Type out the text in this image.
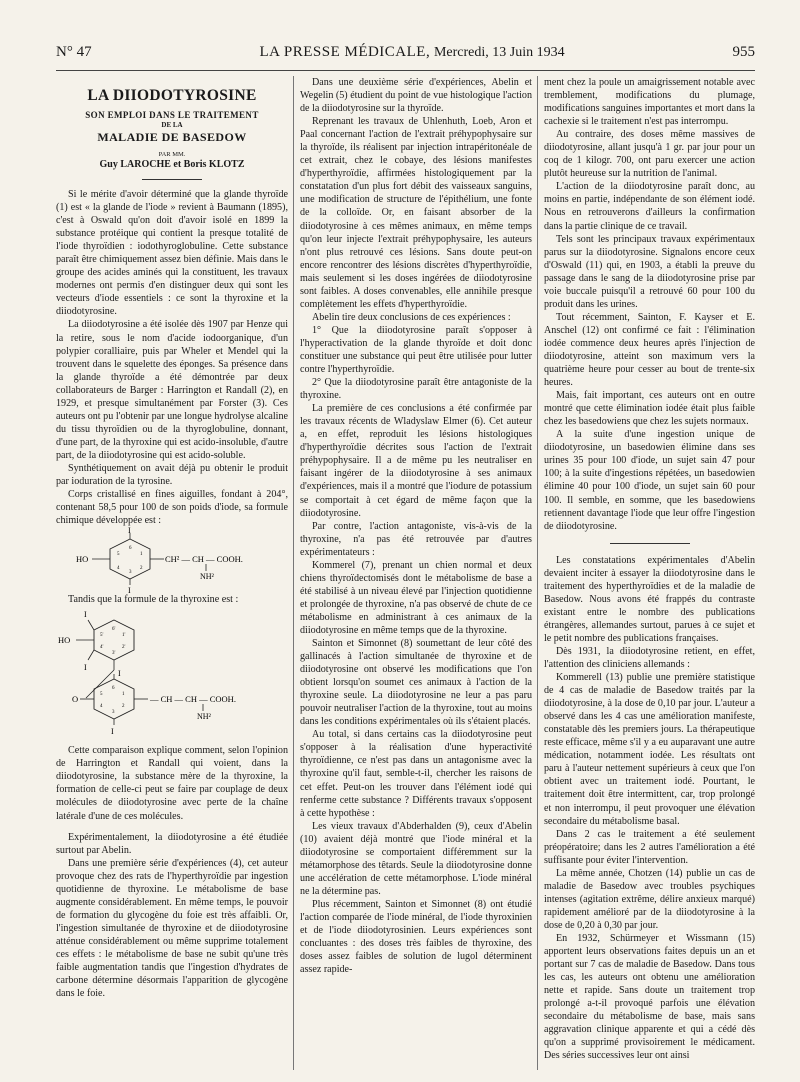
N° 47	LA PRESSE MÉDICALE, Mercredi, 13 Juin 1934	955
LA DIIODOTYROSINE
SON EMPLOI DANS LE TRAITEMENT
DE LA
MALADIE DE BASEDOW
PAR MM.
Guy LAROCHE et Boris KLOTZ

Si le mérite d'avoir déterminé que la glande thyroïde (1) est « la glande de l'iode » revient à Baumann (1895), c'est à Oswald qu'on doit d'avoir isolé en 1899 la substance protéique qui contient la presque totalité de l'iode thyroïdien : iodothyroglobuline. Cette substance paraît être chimiquement assez bien définie. Mais dans le groupe des acides aminés qui la constituent, les travaux modernes ont permis d'en distinguer deux qui sont les vecteurs d'iode essentiels : ce sont la thyroxine et la diiodotyrosine.

La diiodotyrosine a été isolée dès 1907 par Henze qui la retire, sous le nom d'acide iodoorganique, d'un polypier coralliaire, puis par Wheler et Mendel qui la trouvent dans le squelette des éponges. Sa présence dans la glande thyroïde a été démontrée par deux collaborateurs de Barger : Harrington et Randall (2), en 1929, et presque simultanément par Forster (3). Ces auteurs ont pu l'obtenir par une longue hydrolyse alcaline du tissu thyroïdien ou de la thyroglobuline, donnant, d'une part, de la thyroxine qui est acido-insoluble, d'autre part, de la diiodotyrosine qui est acido-soluble.

Synthétiquement on avait déjà pu obtenir le produit par ioduration de la tyrosine.

Corps cristallisé en fines aiguilles, fondant à 204°, contenant 58,5 pour 100 de son poids d'iode, sa formule chimique développée est :

I
I
HO	CH² — CH — COOH.
NH²
1
2
3
4
5
6

Tandis que la formule de la thyroxine est :

I
I
HO	1'
2'
3'
4'
5'
6'
O
I
I
— CH — CH — COOH.
NH²
1
2
3
4
5
6

Cette comparaison explique comment, selon l'opinion de Harrington et Randall qui voient, dans la diiodotyrosine, la substance mère de la thyroxine, la formation de celle-ci peut se faire par couplage de deux molécules de diiodotyrosine avec perte de la chaîne latérale d'une de ces molécules.

Expérimentalement, la diiodotyrosine a été étudiée surtout par Abelin.

Dans une première série d'expériences (4), cet auteur provoque chez des rats de l'hyperthyroïdie par ingestion quotidienne de thyroxine. Le métabolisme de base augmente considérablement. En même temps, le pouvoir de formation du glycogène du foie est très affaibli. Or, l'ingestion simultanée de thyroxine et de diiodotyrosine atténue considérablement ou même supprime totalement ces effets : le métabolisme de base ne subit qu'une très faible augmentation tandis que l'ingestion d'hydrates de carbone détermine désormais l'apparition de glycogène dans le foie.

Dans une deuxième série d'expériences, Abelin et Wegelin (5) étudient du point de vue histologique l'action de la diiodotyrosine sur la thyroïde.

Reprenant les travaux de Uhlenhuth, Loeb, Aron et Paal concernant l'action de l'extrait préhypophysaire sur la thyroïde, ils réalisent par injection intrapéritonéale de cet extrait, chez le cobaye, des lésions manifestes d'hyperthyroïdie, affirmées histologiquement par la constatation d'un plus fort débit des vaisseaux sanguins, une modification de structure de l'épithélium, une fonte de la colloïde. Or, en faisant absorber de la diiodotyrosine à ces mêmes animaux, en même temps qu'on leur injecte l'extrait préhypophysaire, les auteurs n'ont plus retrouvé ces lésions. Sans doute peut-on encore rencontrer des lésions discrètes d'hyperthyroïdie, mais seulement si les doses ingérées de diiodotyrosine sont faibles. A doses convenables, elle annihile presque complètement les effets d'hyperthyroïdie.

Abelin tire deux conclusions de ces expériences :

1° Que la diiodotyrosine paraît s'opposer à l'hyperactivation de la glande thyroïde et doit donc constituer une substance qui peut être utilisée pour lutter contre l'hyperthyroïdie.

2° Que la diiodotyrosine paraît être antagoniste de la thyroxine.

La première de ces conclusions a été confirmée par les travaux récents de Wladyslaw Elmer (6). Cet auteur a, en effet, reproduit les lésions histologiques d'hyperthyroïdie décrites sous l'action de l'extrait préhypophysaire. Il a de même pu les neutraliser en faisant ingérer de la diiodotyrosine à ses animaux d'expériences, mais il a montré que l'iodure de potassium se comportait à cet égard de même façon que la diiodotyrosine.

Par contre, l'action antagoniste, vis-à-vis de la thyroxine, n'a pas été retrouvée par d'autres expérimentateurs :

Kommerel (7), prenant un chien normal et deux chiens thyroïdectomisés dont le métabolisme de base a été stabilisé à un niveau élevé par l'injection quotidienne et prolongée de thyroxine, n'a pas observé de chute de ce métabolisme en administrant à ces animaux de la diiodotyrosine en même temps que de la thyroxine.

Sainton et Simonnet (8) soumettant de leur côté des gallinacés à l'action simultanée de thyroxine et de diiodotyrosine ont observé les modifications que l'on obtient lorsqu'on soumet ces animaux à l'action de la thyroxine seule. La diiodotyrosine ne leur a pas paru pouvoir neutraliser l'action de la thyroxine, tout au moins dans les conditions expérimentales où ils s'étaient placés.

Au total, si dans certains cas la diiodotyrosine peut s'opposer à la réalisation d'une hyperactivité thyroïdienne, ce n'est pas dans un antagonisme avec la thyroxine qu'il faut, semble-t-il, chercher les raisons de cet effet. Peut-on les trouver dans l'élément iodé qui renferme cette substance ? Différents travaux s'opposent à cette hypothèse :

Les vieux travaux d'Abderhalden (9), ceux d'Abelin (10) avaient déjà montré que l'iode minéral et la diiodotyrosine se comportaient différemment sur la métamorphose des têtards. Seule la diiodotyrosine donne une accélération de cette métamorphose. L'iode minéral ne la détermine pas.

Plus récemment, Sainton et Simonnet (8) ont étudié l'action comparée de l'iode minéral, de l'iode thyroxinien et de l'iode diiodotyrosinien. Leurs expériences sont concluantes : des doses très faibles de thyroxine, des doses assez faibles de solution de lugol déterminent assez rapide-

ment chez la poule un amaigrissement notable avec tremblement, modifications du plumage, modifications sanguines importantes et mort dans la cachexie si le traitement n'est pas interrompu.

Au contraire, des doses même massives de diiodotyrosine, allant jusqu'à 1 gr. par jour pour un coq de 1 kilogr. 700, ont paru exercer une action plutôt heureuse sur la nutrition de l'animal.

L'action de la diiodotyrosine paraît donc, au moins en partie, indépendante de son élément iodé. Nous en retrouverons d'ailleurs la confirmation dans la partie clinique de ce travail.

Tels sont les principaux travaux expérimentaux parus sur la diiodotyrosine. Signalons encore ceux d'Oswald (11) qui, en 1903, a établi la preuve du passage dans le sang de la diiodotyrosine prise par voie buccale puisqu'il a retrouvé 60 pour 100 du produit dans les urines.

Tout récemment, Sainton, F. Kayser et E. Anschel (12) ont confirmé ce fait : l'élimination iodée commence deux heures après l'injection de diiodotyrosine, atteint son maximum vers la quatrième heure pour cesser au bout de trente-six heures.

Mais, fait important, ces auteurs ont en outre montré que cette élimination iodée était plus faible chez les basedowiens que chez les sujets normaux.

A la suite d'une ingestion unique de diiodotyrosine, un basedowien élimine dans ses urines 35 pour 100 d'iode, un sujet sain 47 pour 100; à la suite d'ingestions répétées, un basedowien élimine 40 pour 100 d'iode, un sujet sain 60 pour 100. Il semble, en somme, que les basedowiens retiennent davantage l'iode que leur offre l'ingestion de diiodotyrosine.

Les constatations expérimentales d'Abelin devaient inciter à essayer la diiodotyrosine dans le traitement des hyperthyroïdies et de la maladie de Basedow. Nous avons été frappés du contraste existant entre le nombre des publications étrangères, allemandes surtout, parues à ce sujet et le petit nombre des publications françaises.

Dès 1931, la diiodotyrosine retient, en effet, l'attention des cliniciens allemands :

Kommerell (13) publie une première statistique de 4 cas de maladie de Basedow traités par la diiodotyrosine, à la dose de 0,10 par jour. L'auteur a observé dans les 4 cas une amélioration manifeste, constatable dès les premiers jours. La thérapeutique reste efficace, même s'il y a eu auparavant une autre médication, notamment iodée. Les résultats ont paru à l'auteur nettement supérieurs à ceux que l'on obtient avec un traitement iodé. Pourtant, le traitement doit être intermittent, car, trop prolongé et non interrompu, il peut provoquer une élévation secondaire du métabolisme basal.

Dans 2 cas le traitement a été seulement préopératoire; dans les 2 autres l'amélioration a été suffisante pour éviter l'intervention.

La même année, Chotzen (14) publie un cas de maladie de Basedow avec troubles psychiques intenses (agitation extrême, délire anxieux marqué) rapidement amélioré par de la diiodotyrosine à la dose de 0,20 à 0,30 par jour.

En 1932, Schürmeyer et Wissmann (15) apportent leurs observations faites depuis un an et portant sur 7 cas de maladie de Basedow. Dans tous les cas, les auteurs ont obtenu une amélioration nette et rapide. Sans doute un traitement trop prolongé a-t-il provoqué parfois une élévation secondaire du métabolisme de base, mais sans aggravation clinique apparente et qui a cédé dès qu'on a supprimé provisoirement le médicament. Des séries successives leur ont ainsi
